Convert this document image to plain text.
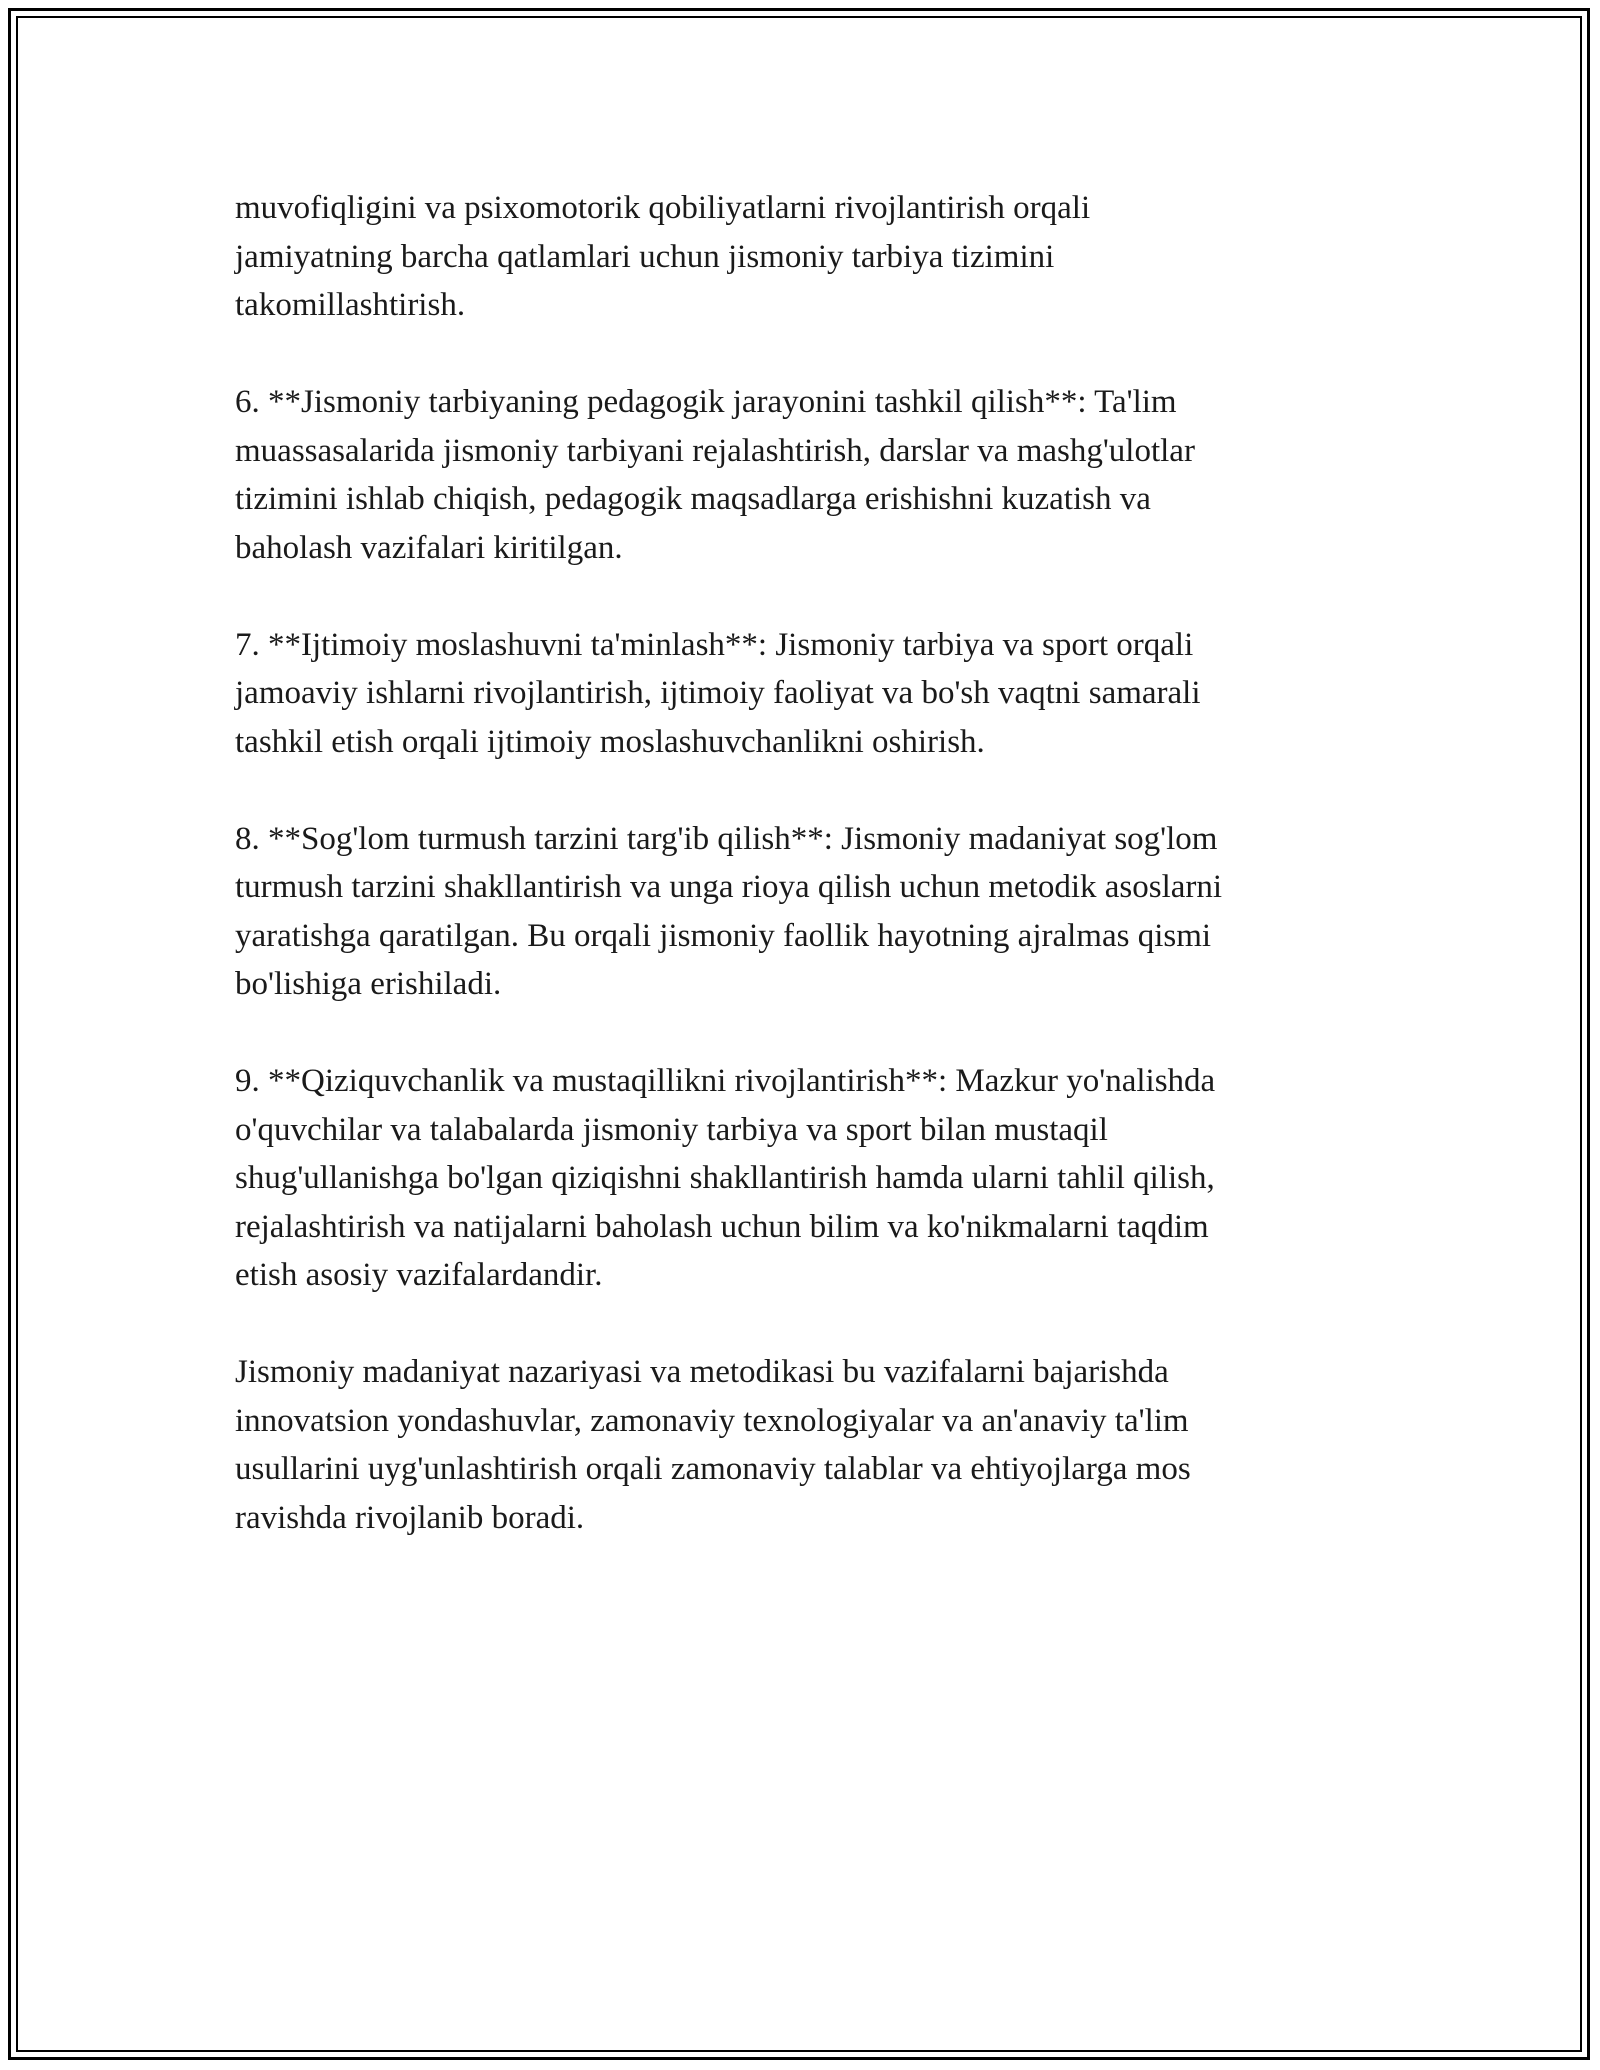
muvofiqligini va psixomotorik qobiliyatlarni rivojlantirish orqali
jamiyatning barcha qatlamlari uchun jismoniy tarbiya tizimini
takomillashtirish.

6. **Jismoniy tarbiyaning pedagogik jarayonini tashkil qilish**: Ta'lim
muassasalarida jismoniy tarbiyani rejalashtirish, darslar va mashg'ulotlar
tizimini ishlab chiqish, pedagogik maqsadlarga erishishni kuzatish va
baholash vazifalari kiritilgan.

7. **Ijtimoiy moslashuvni ta'minlash**: Jismoniy tarbiya va sport orqali
jamoaviy ishlarni rivojlantirish, ijtimoiy faoliyat va bo'sh vaqtni samarali
tashkil etish orqali ijtimoiy moslashuvchanlikni oshirish.

8. **Sog'lom turmush tarzini targ'ib qilish**: Jismoniy madaniyat sog'lom
turmush tarzini shakllantirish va unga rioya qilish uchun metodik asoslarni
yaratishga qaratilgan. Bu orqali jismoniy faollik hayotning ajralmas qismi
bo'lishiga erishiladi.

9. **Qiziquvchanlik va mustaqillikni rivojlantirish**: Mazkur yo'nalishda
o'quvchilar va talabalarda jismoniy tarbiya va sport bilan mustaqil
shug'ullanishga bo'lgan qiziqishni shakllantirish hamda ularni tahlil qilish,
rejalashtirish va natijalarni baholash uchun bilim va ko'nikmalarni taqdim
etish asosiy vazifalardandir.

Jismoniy madaniyat nazariyasi va metodikasi bu vazifalarni bajarishda
innovatsion yondashuvlar, zamonaviy texnologiyalar va an'anaviy ta'lim
usullarini uyg'unlashtirish orqali zamonaviy talablar va ehtiyojlarga mos
ravishda rivojlanib boradi.
